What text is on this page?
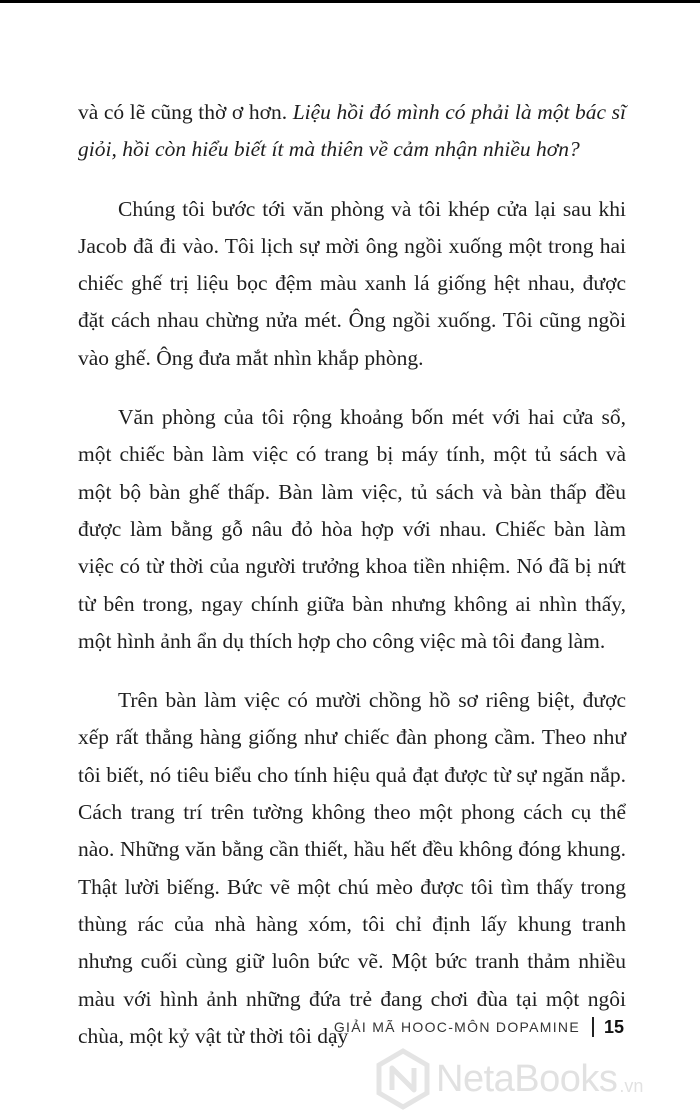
và có lẽ cũng thờ ơ hơn. Liệu hồi đó mình có phải là một bác sĩ giỏi, hồi còn hiểu biết ít mà thiên về cảm nhận nhiều hơn?

Chúng tôi bước tới văn phòng và tôi khép cửa lại sau khi Jacob đã đi vào. Tôi lịch sự mời ông ngồi xuống một trong hai chiếc ghế trị liệu bọc đệm màu xanh lá giống hệt nhau, được đặt cách nhau chừng nửa mét. Ông ngồi xuống. Tôi cũng ngồi vào ghế. Ông đưa mắt nhìn khắp phòng.

Văn phòng của tôi rộng khoảng bốn mét với hai cửa sổ, một chiếc bàn làm việc có trang bị máy tính, một tủ sách và một bộ bàn ghế thấp. Bàn làm việc, tủ sách và bàn thấp đều được làm bằng gỗ nâu đỏ hòa hợp với nhau. Chiếc bàn làm việc có từ thời của người trưởng khoa tiền nhiệm. Nó đã bị nứt từ bên trong, ngay chính giữa bàn nhưng không ai nhìn thấy, một hình ảnh ẩn dụ thích hợp cho công việc mà tôi đang làm.

Trên bàn làm việc có mười chồng hồ sơ riêng biệt, được xếp rất thẳng hàng giống như chiếc đàn phong cầm. Theo như tôi biết, nó tiêu biểu cho tính hiệu quả đạt được từ sự ngăn nắp. Cách trang trí trên tường không theo một phong cách cụ thể nào. Những văn bằng cần thiết, hầu hết đều không đóng khung. Thật lười biếng. Bức vẽ một chú mèo được tôi tìm thấy trong thùng rác của nhà hàng xóm, tôi chỉ định lấy khung tranh nhưng cuối cùng giữ luôn bức vẽ. Một bức tranh thảm nhiều màu với hình ảnh những đứa trẻ đang chơi đùa tại một ngôi chùa, một kỷ vật từ thời tôi dạy

GIẢI MÃ HOOC-MÔN DOPAMINE 15
NetaBooks .vn
